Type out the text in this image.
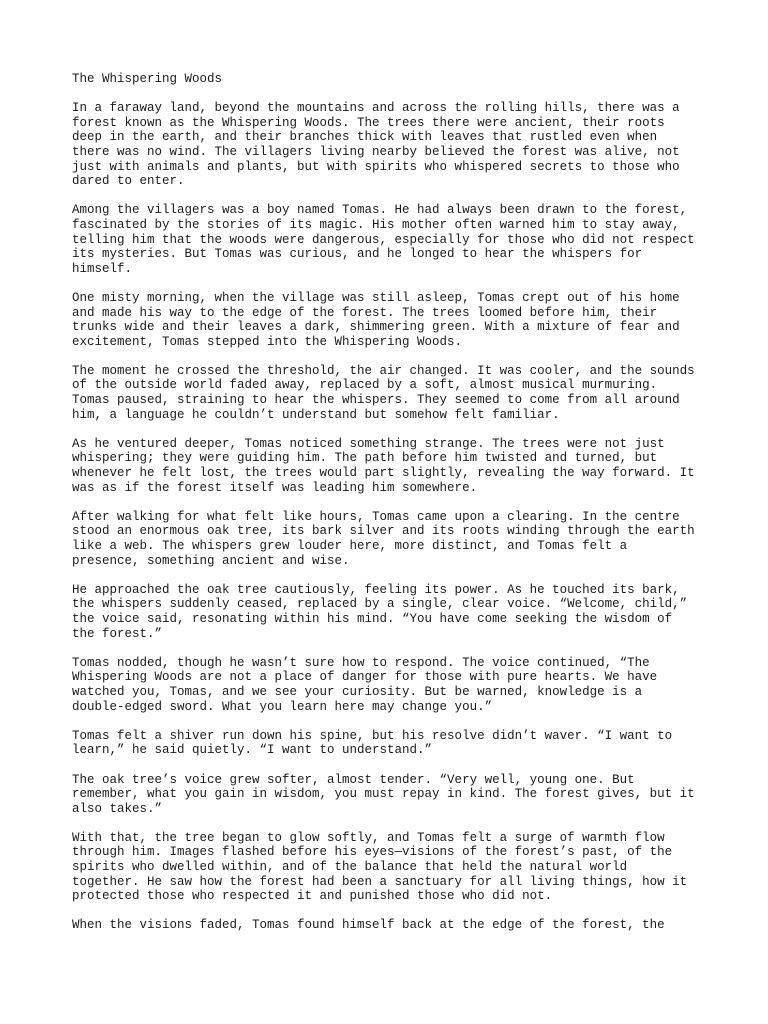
The Whispering Woods
In a faraway land, beyond the mountains and across the rolling hills, there was a
forest known as the Whispering Woods. The trees there were ancient, their roots
deep in the earth, and their branches thick with leaves that rustled even when
there was no wind. The villagers living nearby believed the forest was alive, not
just with animals and plants, but with spirits who whispered secrets to those who
dared to enter.
Among the villagers was a boy named Tomas. He had always been drawn to the forest,
fascinated by the stories of its magic. His mother often warned him to stay away,
telling him that the woods were dangerous, especially for those who did not respect
its mysteries. But Tomas was curious, and he longed to hear the whispers for
himself.
One misty morning, when the village was still asleep, Tomas crept out of his home
and made his way to the edge of the forest. The trees loomed before him, their
trunks wide and their leaves a dark, shimmering green. With a mixture of fear and
excitement, Tomas stepped into the Whispering Woods.
The moment he crossed the threshold, the air changed. It was cooler, and the sounds
of the outside world faded away, replaced by a soft, almost musical murmuring.
Tomas paused, straining to hear the whispers. They seemed to come from all around
him, a language he couldn’t understand but somehow felt familiar.
As he ventured deeper, Tomas noticed something strange. The trees were not just
whispering; they were guiding him. The path before him twisted and turned, but
whenever he felt lost, the trees would part slightly, revealing the way forward. It
was as if the forest itself was leading him somewhere.
After walking for what felt like hours, Tomas came upon a clearing. In the centre
stood an enormous oak tree, its bark silver and its roots winding through the earth
like a web. The whispers grew louder here, more distinct, and Tomas felt a
presence, something ancient and wise.
He approached the oak tree cautiously, feeling its power. As he touched its bark,
the whispers suddenly ceased, replaced by a single, clear voice. “Welcome, child,”
the voice said, resonating within his mind. “You have come seeking the wisdom of
the forest.”
Tomas nodded, though he wasn’t sure how to respond. The voice continued, “The
Whispering Woods are not a place of danger for those with pure hearts. We have
watched you, Tomas, and we see your curiosity. But be warned, knowledge is a
double-edged sword. What you learn here may change you.”
Tomas felt a shiver run down his spine, but his resolve didn’t waver. “I want to
learn,” he said quietly. “I want to understand.”
The oak tree’s voice grew softer, almost tender. “Very well, young one. But
remember, what you gain in wisdom, you must repay in kind. The forest gives, but it
also takes.”
With that, the tree began to glow softly, and Tomas felt a surge of warmth flow
through him. Images flashed before his eyes—visions of the forest’s past, of the
spirits who dwelled within, and of the balance that held the natural world
together. He saw how the forest had been a sanctuary for all living things, how it
protected those who respected it and punished those who did not.
When the visions faded, Tomas found himself back at the edge of the forest, the
